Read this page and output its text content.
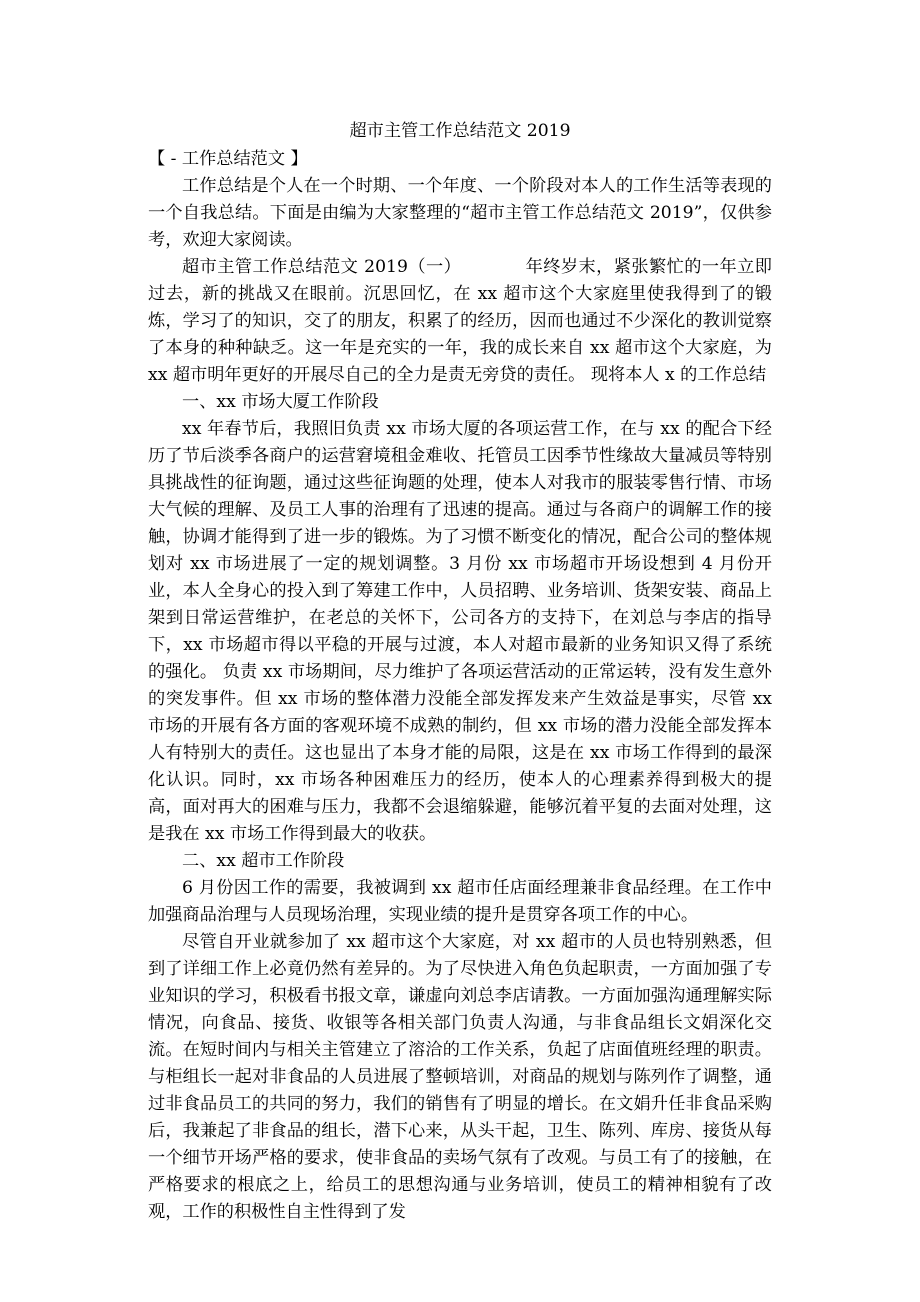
超市主管工作总结范文 2019

【 - 工作总结范文 】

工作总结是个人在一个时期、一个年度、一个阶段对本人的工作生活等表现的一个自我总结。下面是由编为大家整理的“超市主管工作总结范文 2019”，仅供参考，欢迎大家阅读。

超市主管工作总结范文 2019（一）	年终岁末，紧张繁忙的一年立即过去，新的挑战又在眼前。沉思回忆，在 xx 超市这个大家庭里使我得到了的锻炼，学习了的知识，交了的朋友，积累了的经历，因而也通过不少深化的教训觉察了本身的种种缺乏。这一年是充实的一年，我的成长来自 xx 超市这个大家庭，为 xx 超市明年更好的开展尽自己的全力是责无旁贷的责任。 现将本人 x 的工作总结

一、xx 市场大厦工作阶段

xx 年春节后，我照旧负责 xx 市场大厦的各项运营工作，在与 xx 的配合下经历了节后淡季各商户的运营窘境租金难收、托管员工因季节性缘故大量减员等特别具挑战性的征询题，通过这些征询题的处理，使本人对我市的服装零售行情、市场大气候的理解、及员工人事的治理有了迅速的提高。通过与各商户的调解工作的接触，协调才能得到了进一步的锻炼。为了习惯不断变化的情况，配合公司的整体规划对 xx 市场进展了一定的规划调整。3 月份 xx 市场超市开场设想到 4 月份开业，本人全身心的投入到了筹建工作中，人员招聘、业务培训、货架安装、商品上架到日常运营维护，在老总的关怀下，公司各方的支持下，在刘总与李店的指导下，xx 市场超市得以平稳的开展与过渡，本人对超市最新的业务知识又得了系统的强化。 负责 xx 市场期间，尽力维护了各项运营活动的正常运转，没有发生意外的突发事件。但 xx 市场的整体潜力没能全部发挥发来产生效益是事实，尽管 xx 市场的开展有各方面的客观环境不成熟的制约，但 xx 市场的潜力没能全部发挥本人有特别大的责任。这也显出了本身才能的局限，这是在 xx 市场工作得到的最深化认识。同时，xx 市场各种困难压力的经历，使本人的心理素养得到极大的提高，面对再大的困难与压力，我都不会退缩躲避，能够沉着平复的去面对处理，这是我在 xx 市场工作得到最大的收获。

二、xx 超市工作阶段

6 月份因工作的需要，我被调到 xx 超市任店面经理兼非食品经理。在工作中加强商品治理与人员现场治理，实现业绩的提升是贯穿各项工作的中心。

尽管自开业就参加了 xx 超市这个大家庭，对 xx 超市的人员也特别熟悉，但到了详细工作上必竟仍然有差异的。为了尽快进入角色负起职责，一方面加强了专业知识的学习，积极看书报文章，谦虚向刘总李店请教。一方面加强沟通理解实际情况，向食品、接货、收银等各相关部门负责人沟通，与非食品组长文娟深化交流。在短时间内与相关主管建立了溶洽的工作关系，负起了店面值班经理的职责。与柜组长一起对非食品的人员进展了整顿培训，对商品的规划与陈列作了调整，通过非食品员工的共同的努力，我们的销售有了明显的增长。在文娟升任非食品采购后，我兼起了非食品的组长，潜下心来，从头干起，卫生、陈列、库房、接货从每一个细节开场严格的要求，使非食品的卖场气氛有了改观。与员工有了的接触，在严格要求的根底之上，给员工的思想沟通与业务培训，使员工的精神相貌有了改观，工作的积极性自主性得到了发
